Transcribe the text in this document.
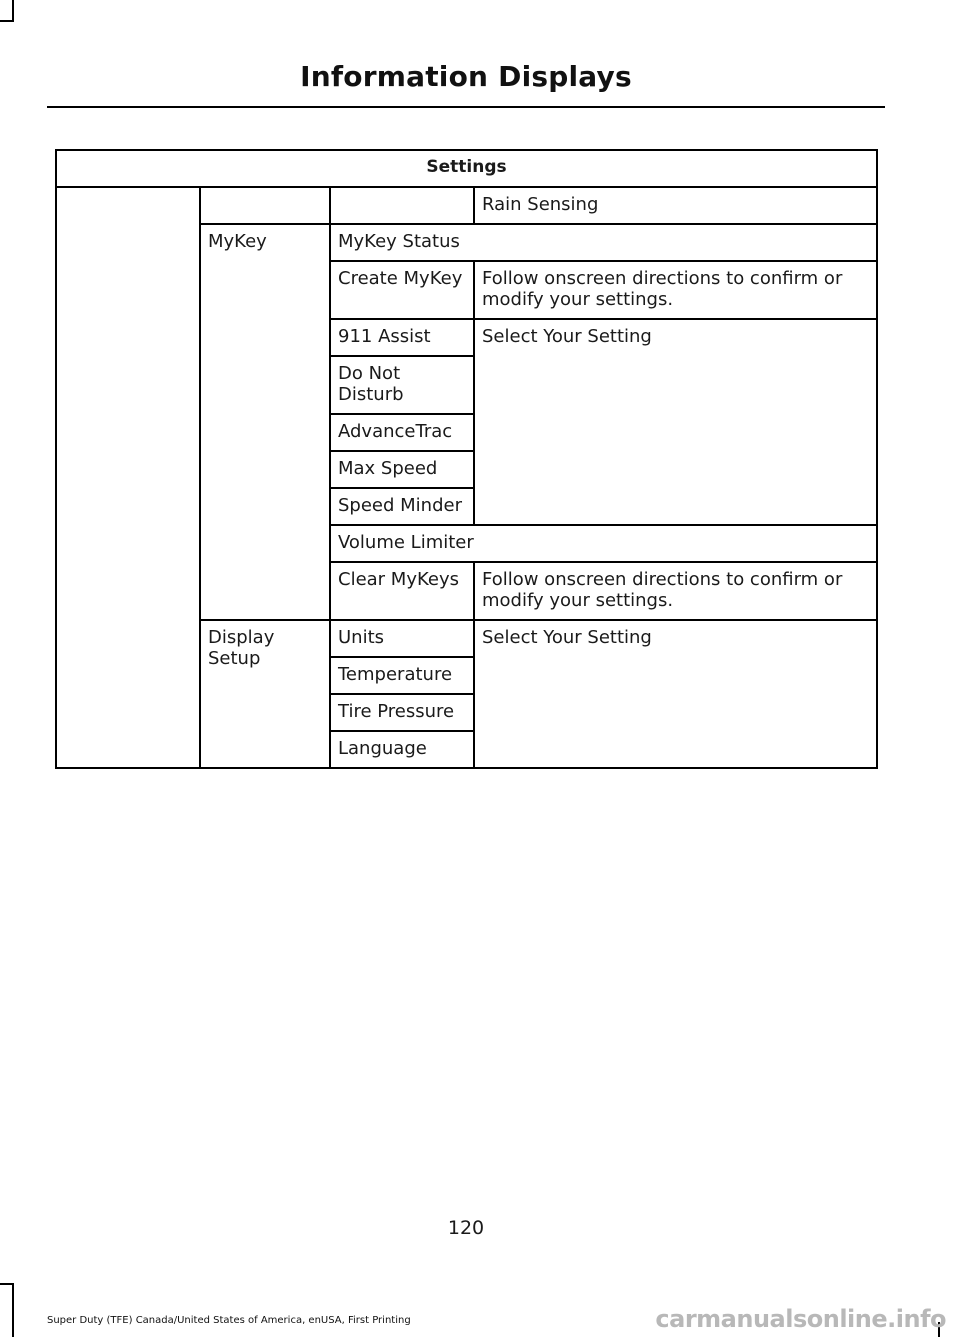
Information Displays
Settings			
			Rain Sensing
	MyKey	MyKey Status	
		Create MyKey	Follow onscreen directions to confirm or modify your settings.
		911 Assist	Select Your Setting
		Do Not Disturb	
		AdvanceTrac	
		Max Speed	
		Speed Minder	
		Volume Limiter	
		Clear MyKeys	Follow onscreen directions to confirm or modify your settings.
	Display Setup	Units	Select Your Setting
		Temperature	
		Tire Pressure	
		Language	
120
Super Duty (TFE) Canada/United States of America, enUSA, First Printing	carmanualsonline.info
